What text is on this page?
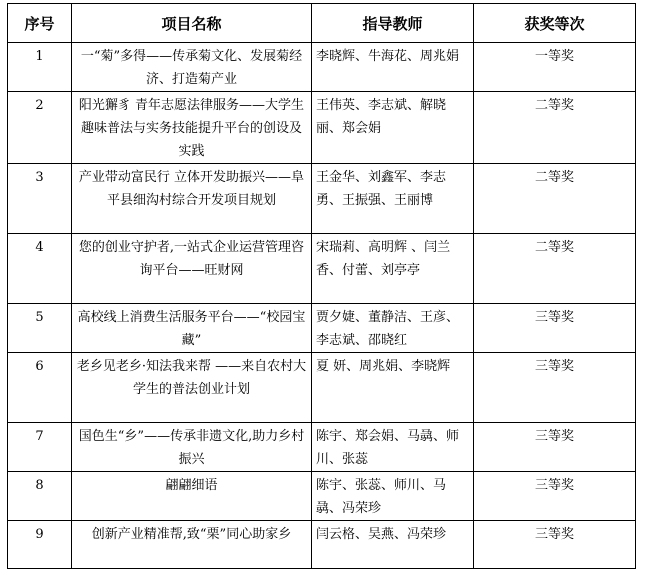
序号	项目名称	指导教师	获奖等次
1	一“菊”多得——传承菊文化、发展菊经济、打造菊产业	李晓辉、牛海花、周兆娟	一等奖
2	阳光獬豸 青年志愿法律服务——大学生趣味普法与实务技能提升平台的创设及实践	王伟英、李志斌、解晓丽、郑会娟	二等奖
3	产业带动富民行 立体开发助振兴——阜平县细沟村综合开发项目规划	王金华、刘鑫军、李志勇、王振强、王丽博	二等奖
4	您的创业守护者,一站式企业运营管理咨询平台——旺财网	宋瑞莉、高明辉 、闫兰香、付蕾、刘亭亭	二等奖
5	高校线上消费生活服务平台——“校园宝藏”	贾夕婕、董静洁、王彦、李志斌、邵晓红	三等奖
6	老乡见老乡·知法我来帮 ——来自农村大学生的普法创业计划	夏 妍、周兆娟、李晓辉	三等奖
7	国色生“乡”——传承非遗文化,助力乡村振兴	陈宇、郑会娟、马骉、师川、张蕊	三等奖
8	翩翩细语	陈宇、张蕊、师川、马骉、冯荣珍	三等奖
9	创新产业精准帮,致“栗”同心助家乡	闫云格、吴燕、冯荣珍	三等奖
